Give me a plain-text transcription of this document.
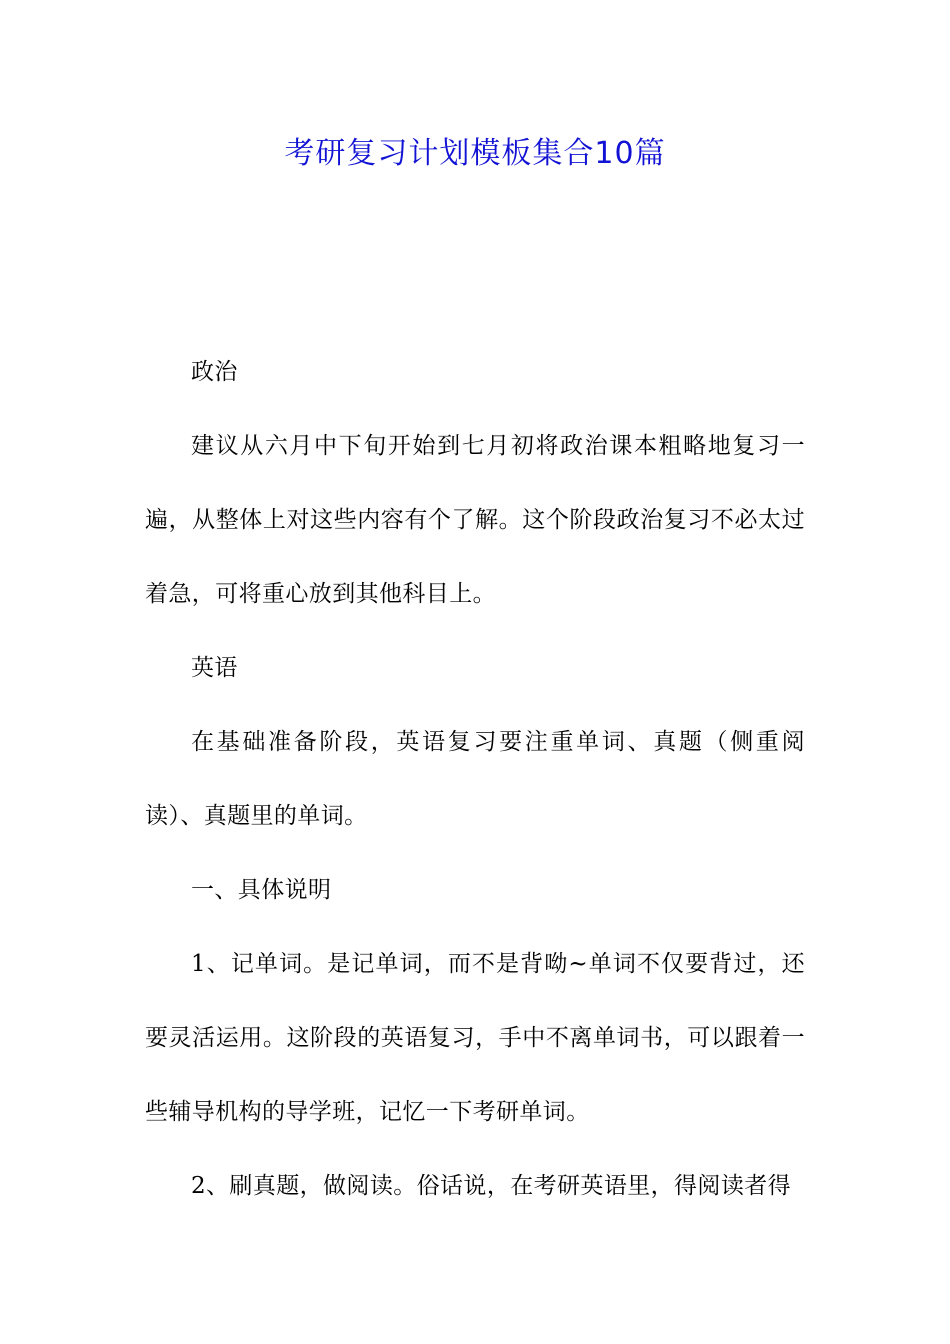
考研复习计划模板集合10篇

政治

建议从六月中下旬开始到七月初将政治课本粗略地复习一遍，从整体上对这些内容有个了解。这个阶段政治复习不必太过着急，可将重心放到其他科目上。

英语

在基础准备阶段，英语复习要注重单词、真题（侧重阅读）、真题里的单词。

一、具体说明

1、记单词。是记单词，而不是背呦~单词不仅要背过，还要灵活运用。这阶段的英语复习，手中不离单词书，可以跟着一些辅导机构的导学班，记忆一下考研单词。

2、刷真题，做阅读。俗话说，在考研英语里，得阅读者得
